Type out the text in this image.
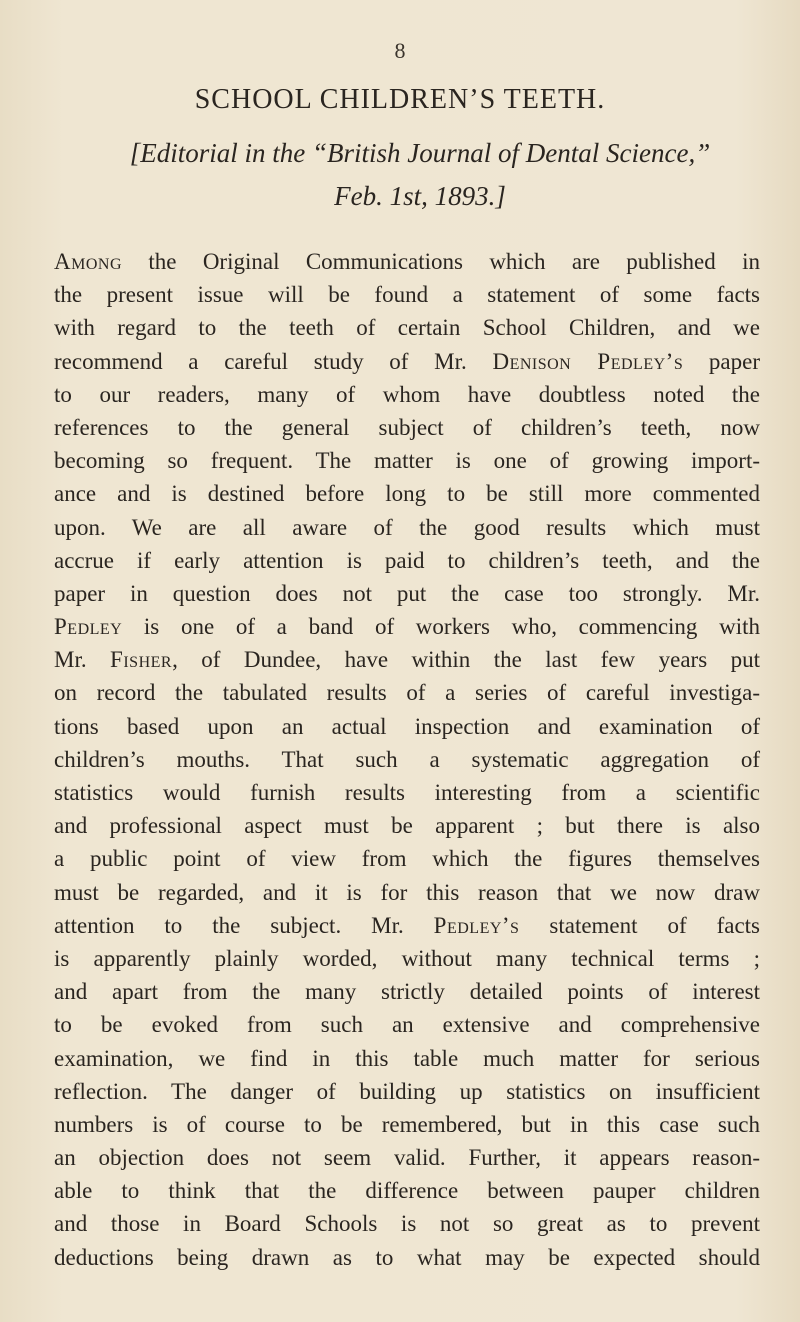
8
SCHOOL CHILDREN’S TEETH.
[Editorial in the “British Journal of Dental Science,”
Feb. 1st, 1893.]
Among the Original Communications which are published in
the present issue will be found a statement of some facts
with regard to the teeth of certain School Children, and we
recommend a careful study of Mr. Denison Pedley’s paper
to our readers, many of whom have doubtless noted the
references to the general subject of children’s teeth, now
becoming so frequent. The matter is one of growing import-
ance and is destined before long to be still more commented
upon. We are all aware of the good results which must
accrue if early attention is paid to children’s teeth, and the
paper in question does not put the case too strongly. Mr.
Pedley is one of a band of workers who, commencing with
Mr. Fisher, of Dundee, have within the last few years put
on record the tabulated results of a series of careful investiga-
tions based upon an actual inspection and examination of
children’s mouths. That such a systematic aggregation of
statistics would furnish results interesting from a scientific
and professional aspect must be apparent ; but there is also
a public point of view from which the figures themselves
must be regarded, and it is for this reason that we now draw
attention to the subject. Mr. Pedley’s statement of facts
is apparently plainly worded, without many technical terms ;
and apart from the many strictly detailed points of interest
to be evoked from such an extensive and comprehensive
examination, we find in this table much matter for serious
reflection. The danger of building up statistics on insufficient
numbers is of course to be remembered, but in this case such
an objection does not seem valid. Further, it appears reason-
able to think that the difference between pauper children
and those in Board Schools is not so great as to prevent
deductions being drawn as to what may be expected should
